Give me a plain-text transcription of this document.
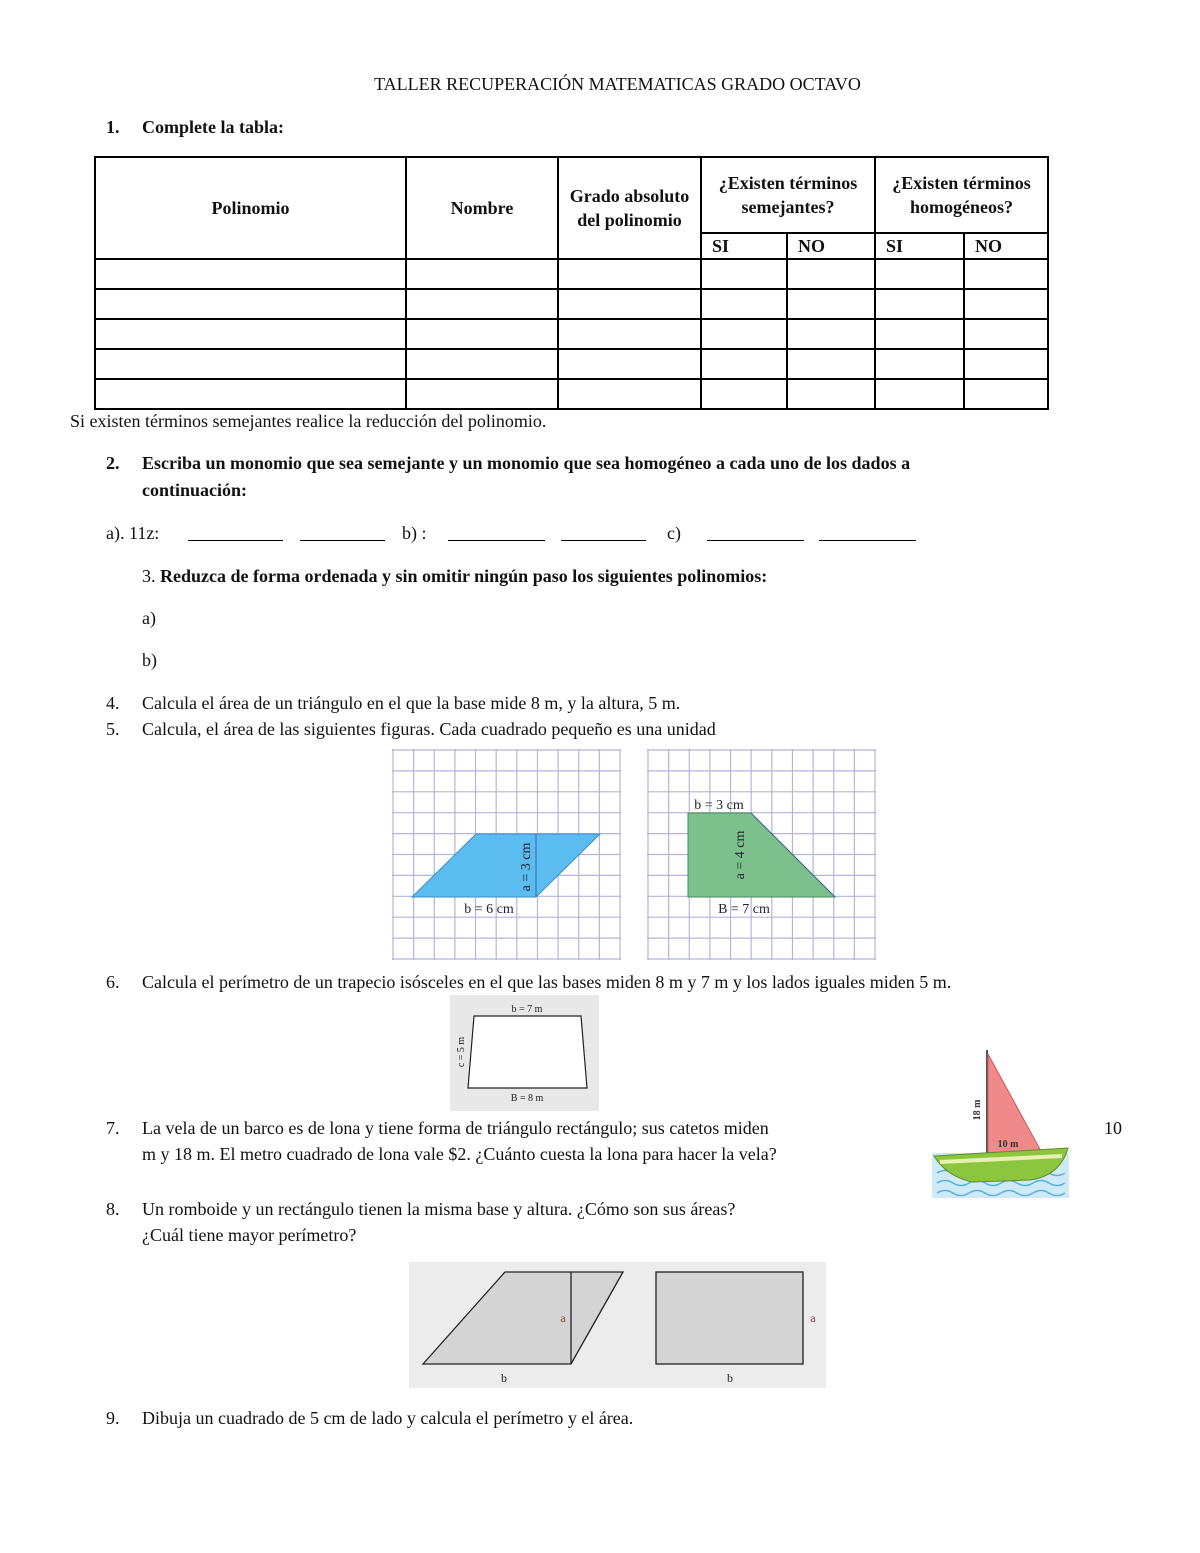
TALLER RECUPERACIÓN MATEMATICAS GRADO OCTAVO
1. Complete la tabla:
Polinomio	Nombre	Grado absoluto del polinomio	¿Existen términos semejantes?		¿Existen términos homogéneos?	
			SI	NO	SI	NO

Si existen términos semejantes realice la reducción del polinomio.
2. Escriba un monomio que sea semejante y un monomio que sea homogéneo a cada uno de los dados a
continuación:
a). 11z:	b) :	c)
3. Reduzca de forma ordenada y sin omitir ningún paso los siguientes polinomios:
a)
b)
4. Calcula el área de un triángulo en el que la base mide 8 m, y la altura, 5 m.
5. Calcula, el área de las siguientes figuras. Cada cuadrado pequeño es una unidad
a = 3 cm
b = 6 cm
b = 3 cm
a = 4 cm
B = 7 cm
6. Calcula el perímetro de un trapecio isósceles en el que las bases miden 8 m y 7 m y los lados iguales miden 5 m.
b = 7 m
B = 8 m
c = 5 m
7. La vela de un barco es de lona y tiene forma de triángulo rectángulo; sus catetos miden	10
m y 18 m. El metro cuadrado de lona vale $2. ¿Cuánto cuesta la lona para hacer la vela?
18 m
10 m
8. Un romboide y un rectángulo tienen la misma base y altura. ¿Cómo son sus áreas?
¿Cuál tiene mayor perímetro?
a
b
a
b
9. Dibuja un cuadrado de 5 cm de lado y calcula el perímetro y el área.
